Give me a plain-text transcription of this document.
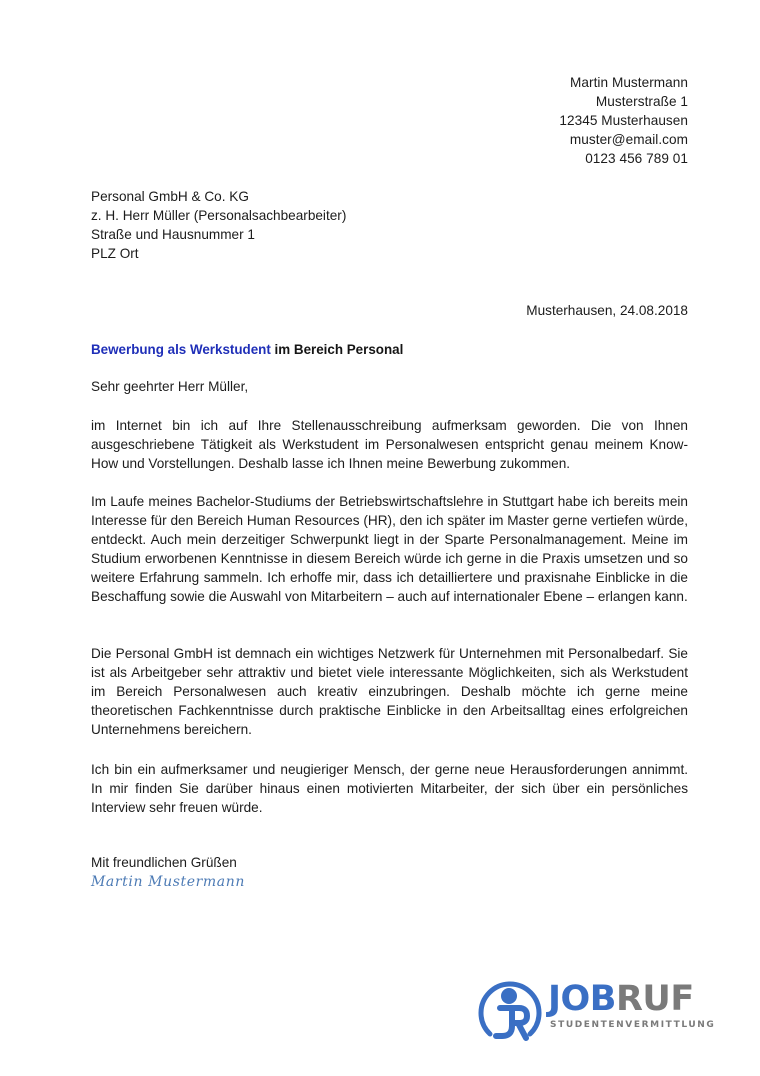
Martin Mustermann
Musterstraße 1
12345 Musterhausen
muster@email.com
0123 456 789 01
Personal GmbH & Co. KG
z. H. Herr Müller (Personalsachbearbeiter)
Straße und Hausnummer 1
PLZ Ort
Musterhausen, 24.08.2018
Bewerbung als Werkstudent im Bereich Personal
Sehr geehrter Herr Müller,
im Internet bin ich auf Ihre Stellenausschreibung aufmerksam geworden. Die von Ihnen ausgeschriebene Tätigkeit als Werkstudent im Personalwesen entspricht genau meinem Know-How und Vorstellungen. Deshalb lasse ich Ihnen meine Bewerbung zukommen.
Im Laufe meines Bachelor-Studiums der Betriebswirtschaftslehre in Stuttgart habe ich bereits mein Interesse für den Bereich Human Resources (HR), den ich später im Master gerne vertiefen würde, entdeckt. Auch mein derzeitiger Schwerpunkt liegt in der Sparte Personalmanagement. Meine im Studium erworbenen Kenntnisse in diesem Bereich würde ich gerne in die Praxis umsetzen und so weitere Erfahrung sammeln. Ich erhoffe mir, dass ich detailliertere und praxisnahe Einblicke in die Beschaffung sowie die Auswahl von Mitarbeitern – auch auf internationaler Ebene – erlangen kann.
Die Personal GmbH ist demnach ein wichtiges Netzwerk für Unternehmen mit Personalbedarf. Sie ist als Arbeitgeber sehr attraktiv und bietet viele interessante Möglichkeiten, sich als Werkstudent im Bereich Personalwesen auch kreativ einzubringen. Deshalb möchte ich gerne meine theoretischen Fachkenntnisse durch praktische Einblicke in den Arbeitsalltag eines erfolgreichen Unternehmens bereichern.
Ich bin ein aufmerksamer und neugieriger Mensch, der gerne neue Herausforderungen annimmt. In mir finden Sie darüber hinaus einen motivierten Mitarbeiter, der sich über ein persönliches Interview sehr freuen würde.
Mit freundlichen Grüßen
Martin Mustermann
JOBRUF
STUDENTENVERMITTLUNG
